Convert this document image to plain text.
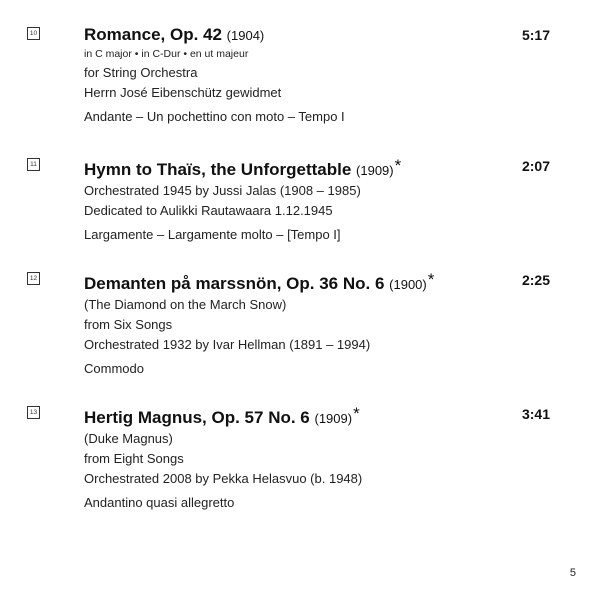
10	Romance, Op. 42 (1904)
in C major • in C-Dur • en ut majeur
for String Orchestra
Herrn José Eibenschütz gewidmet
Andante – Un pochettino con moto – Tempo I
5:17
11	Hymn to Thaïs, the Unforgettable (1909)*
Orchestrated 1945 by Jussi Jalas (1908 – 1985)
Dedicated to Aulikki Rautawaara 1.12.1945
Largamente – Largamente molto – [Tempo I]
2:07
12	Demanten på marssnön, Op. 36 No. 6 (1900)*
(The Diamond on the March Snow)
from Six Songs
Orchestrated 1932 by Ivar Hellman (1891 – 1994)
Commodo
2:25
13	Hertig Magnus, Op. 57 No. 6 (1909)*
(Duke Magnus)
from Eight Songs
Orchestrated 2008 by Pekka Helasvuo (b. 1948)
Andantino quasi allegretto
3:41
5
